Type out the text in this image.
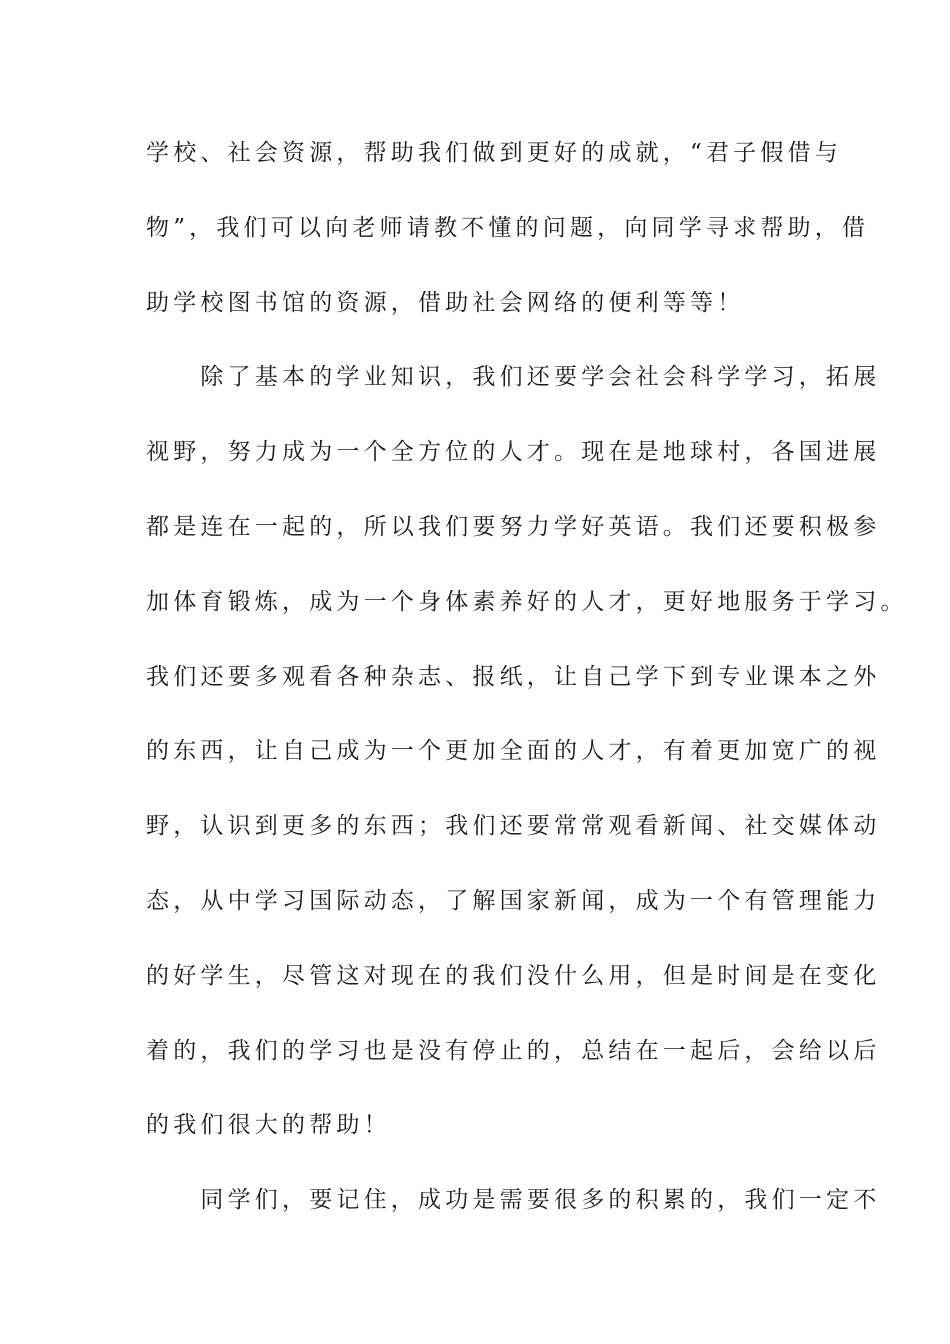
学校、社会资源，帮助我们做到更好的成就，“君子假借与
物”，我们可以向老师请教不懂的问题，向同学寻求帮助，借
助学校图书馆的资源，借助社会网络的便利等等！
　　除了基本的学业知识，我们还要学会社会科学学习，拓展
视野，努力成为一个全方位的人才。现在是地球村，各国进展
都是连在一起的，所以我们要努力学好英语。我们还要积极参
加体育锻炼，成为一个身体素养好的人才，更好地服务于学习。
我们还要多观看各种杂志、报纸，让自己学下到专业课本之外
的东西，让自己成为一个更加全面的人才，有着更加宽广的视
野，认识到更多的东西；我们还要常常观看新闻、社交媒体动
态，从中学习国际动态，了解国家新闻，成为一个有管理能力
的好学生，尽管这对现在的我们没什么用，但是时间是在变化
着的，我们的学习也是没有停止的，总结在一起后，会给以后
的我们很大的帮助！
　　同学们，要记住，成功是需要很多的积累的，我们一定不
